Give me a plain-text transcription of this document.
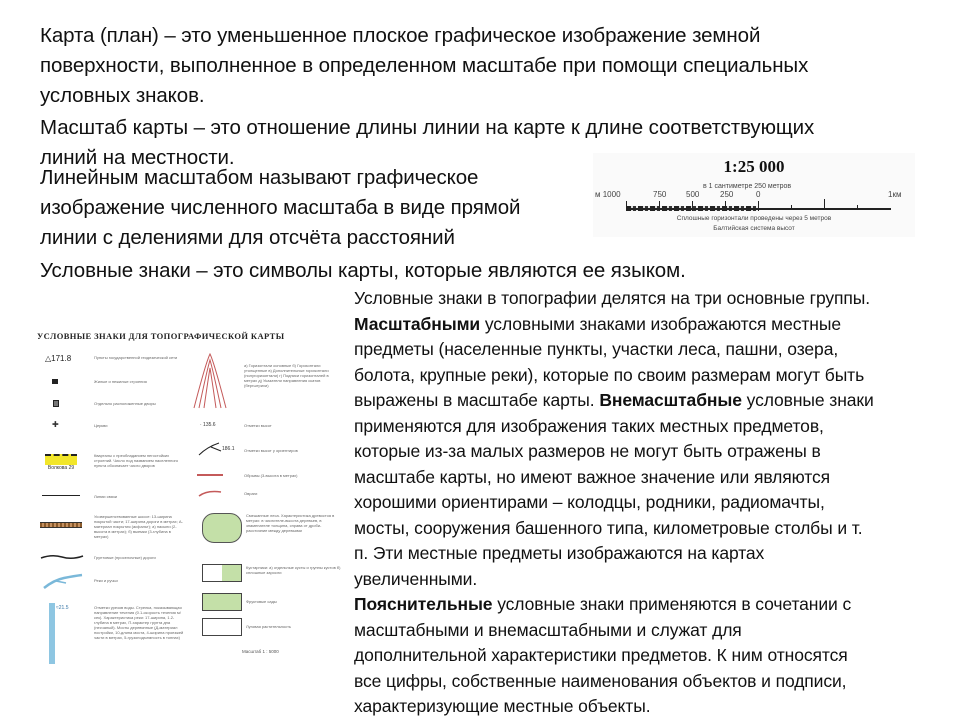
Карта (план) – это уменьшенное плоское графическое изображение земной
поверхности, выполненное в определенном масштабе при помощи специальных
условных знаков.
Масштаб карты – это отношение длины линии на карте к длине соответствующих
линий на местности.
Линейным масштабом называют графическое
изображение численного масштаба в виде прямой
линии с делениями для отсчёта расстояний
1:25 000
в 1 сантиметре 250 метров
м 1000	750 500	250	0	1км
Сплошные горизонтали проведены через 5 метров
Балтийская система высот
Условные знаки – это символы карты, которые являются ее языком.
Условные знаки в топографии делятся на три основные группы.
Масштабными условными знаками изображаются местные
предметы (населенные пункты, участки леса, пашни, озера,
болота, крупные реки), которые по своим размерам могут быть
выражены в масштабе карты. Внемасштабные условные знаки
применяются для изображения таких местных предметов,
которые из-за малых размеров не могут быть отражены в
масштабе карты, но имеют важное значение или являются
хорошими ориентирами – колодцы, родники, радиомачты,
мосты, сооружения башенного типа, километровые столбы и т.
п. Эти местные предметы изображаются на картах
увеличенными.
Пояснительные условные знаки применяются в сочетании с
масштабными и внемасштабными и служат для
дополнительной характеристики предметов. К ним относятся
все цифры, собственные наименования объектов и подписи,
характеризующие местные объекты.
УСЛОВНЫЕ ЗНАКИ ДЛЯ ТОПОГРАФИЧЕСКОЙ КАРТЫ
△171.8	Пункты государственной геодезической сети
Жилые и нежилые строения
Отдельно расположенные дворы
✚	Церкви
Волкова 29
Кварталы с преобладанием негостойких строений. Число под названием населенного пункта обозначает число дворов
Линии связи
Усовершенствованные шоссе: 13-ширина покрытой части; 17-ширина дороги в метрах; А-материал покрытия (асфальт); а) насыпи (2-высота в метрах); б) выемки (3-глубина в метрах)
Грунтовые (проселочные) дороги
Реки и ручьи
≈21.5	Отметки урезов воды. Стрелка, показывающая направление течения (0.1-скорость течения м/сек). Характеристика реки: 17-ширина, 1.2-глубина в метрах, П-характер грунта дна (песчаный). Мосты деревянные (Д-материал постройки, 10-длина моста, 4-ширина проезжей части в метрах, 5-грузоподъемность в тоннах)
а) Горизонтали основные б) Горизонтали утолщенные в) Дополнительные горизонтали (полугоризонтали) г) Подписи горизонталей в метрах д) Указатели направления скатов (бергштрихи)
· 135.6	Отметки высот
186.1 Отметки высот у ориентиров
Обрывы (3-высота в метрах)
Овраги
Смешанные леса. Характеристика древостоя в метрах: в числителе-высота деревьев, в знаменателе толщина, справа от дроби-расстояние между деревьями
Кустарники: а) отдельные кусты и группы кустов б) сплошные заросли
Фруктовые сады
Луговая растительность
Масштаб 1 : 5000
